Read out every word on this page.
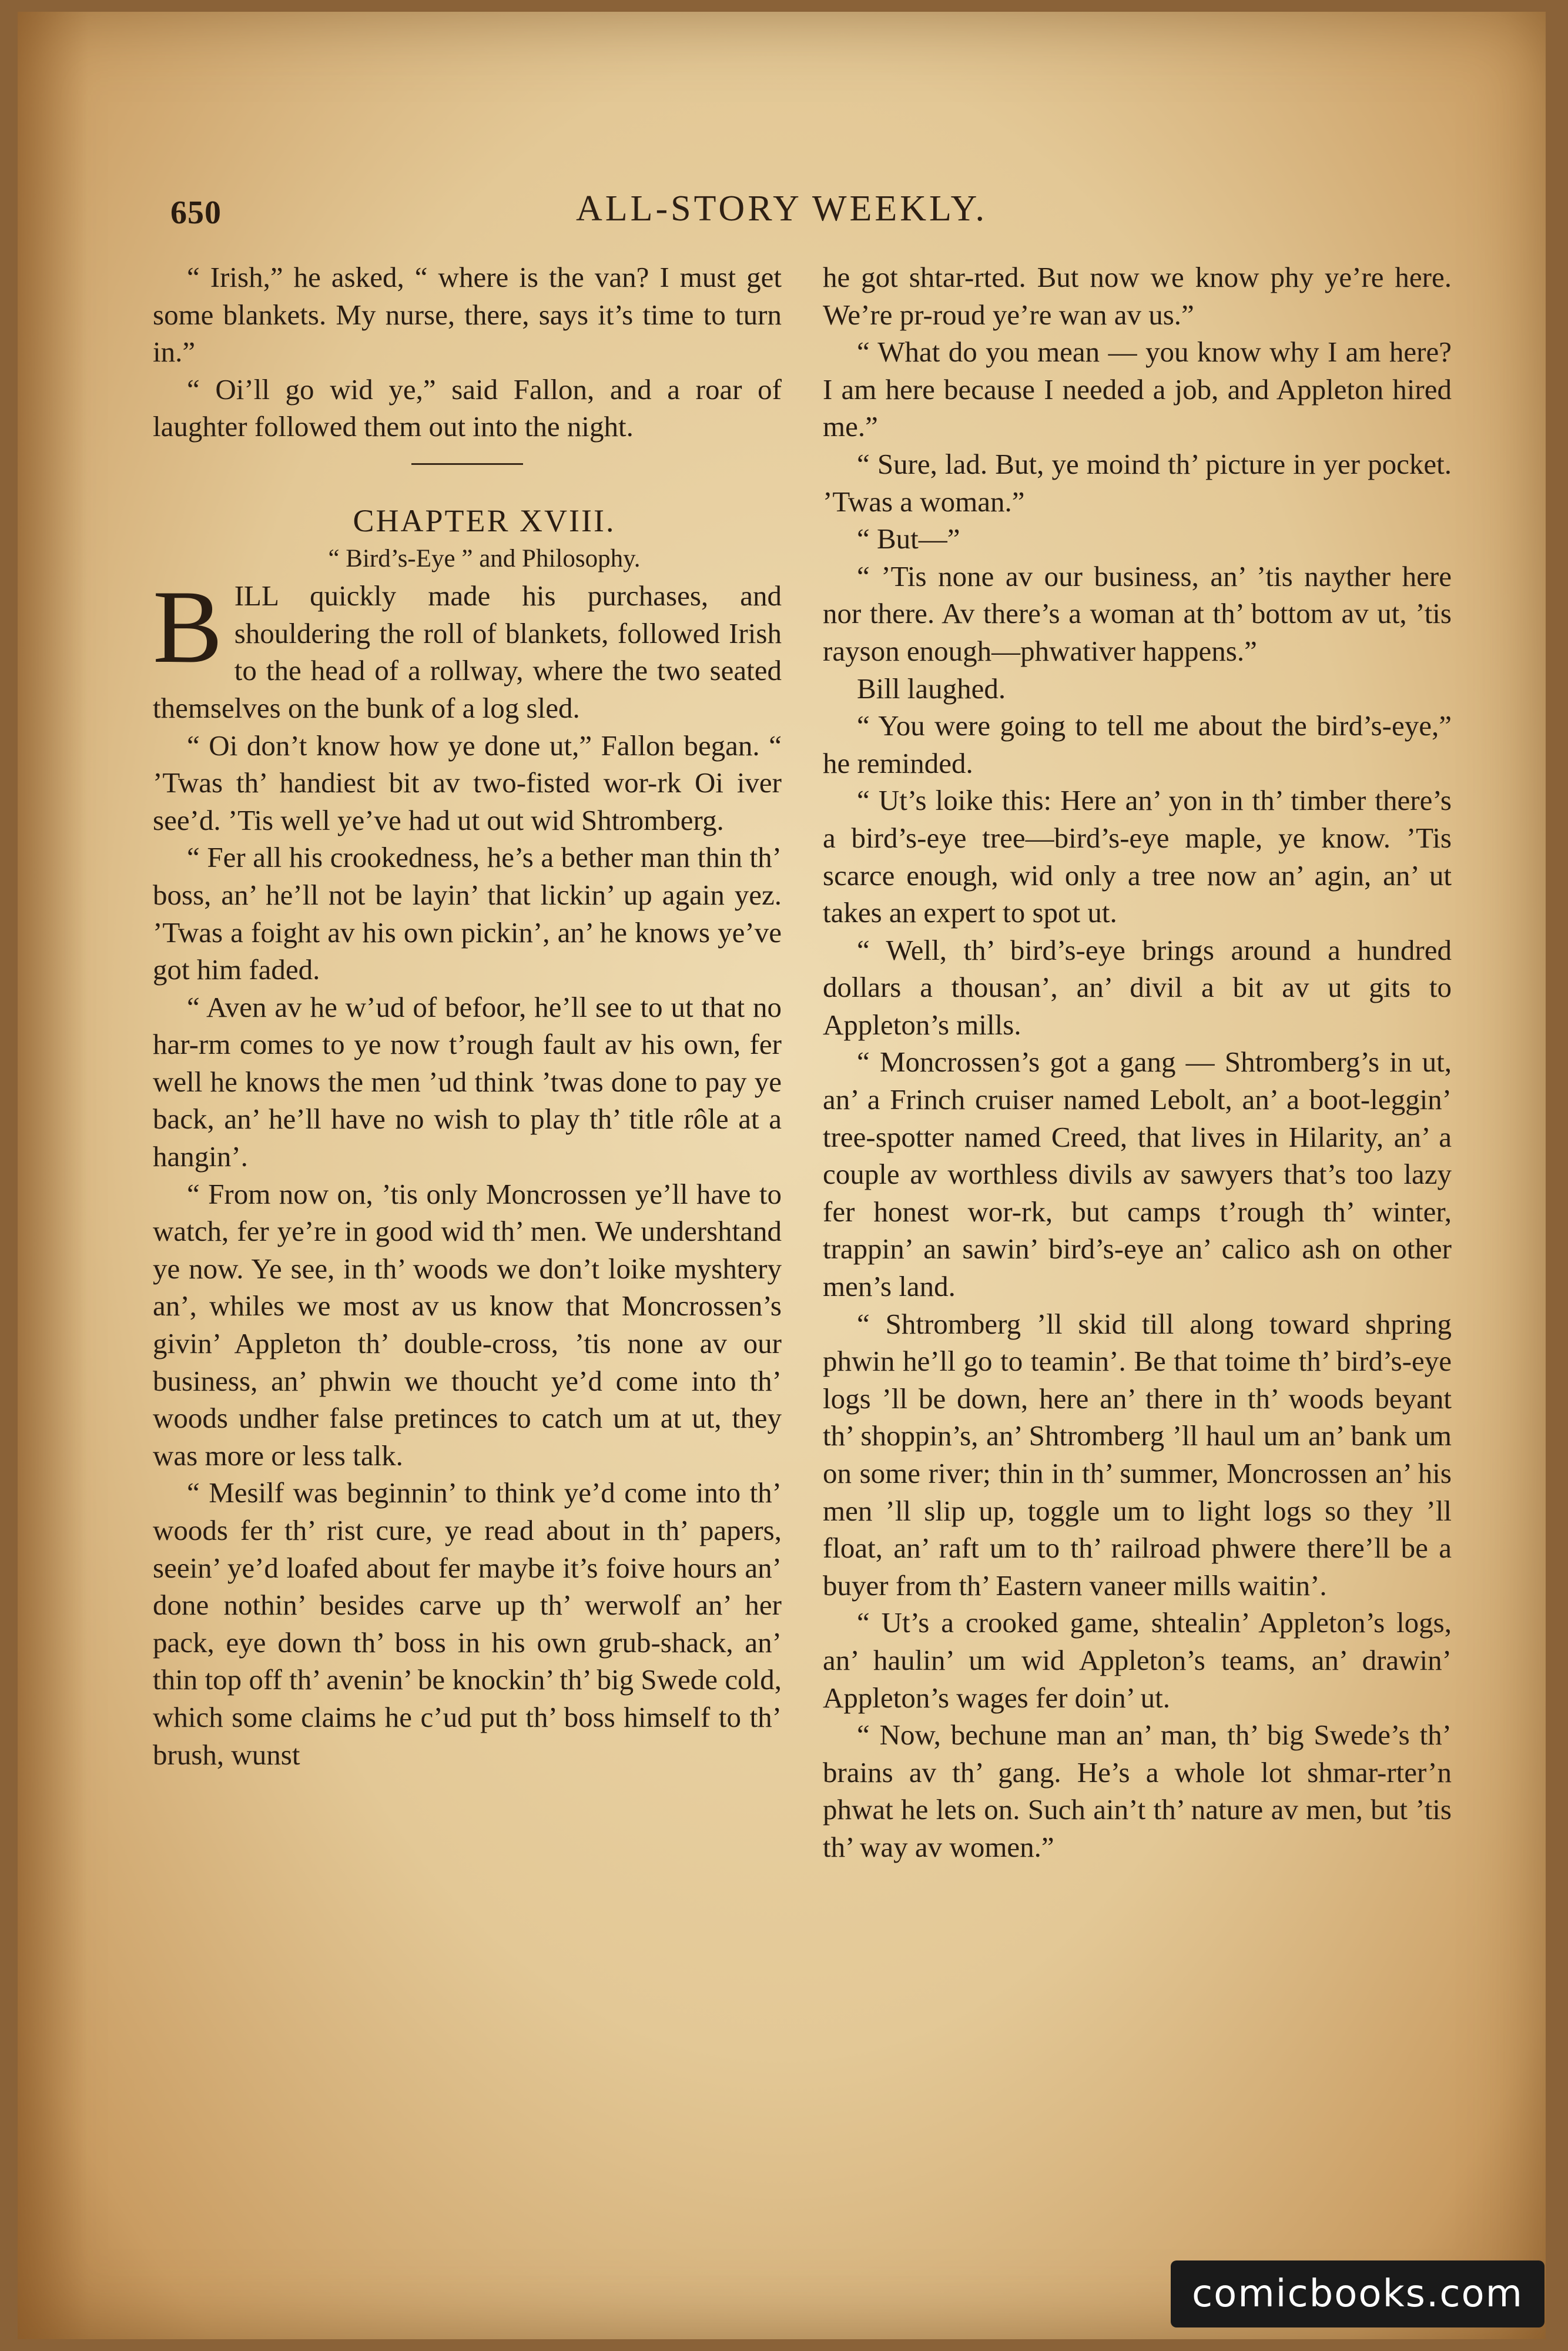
650	ALL-STORY WEEKLY.

“ Irish,” he asked, “ where is the van? I must get some blankets. My nurse, there, says it’s time to turn in.”

“ Oi’ll go wid ye,” said Fallon, and a roar of laughter followed them out into the night.

CHAPTER XVIII.

“ Bird’s-Eye ” and Philosophy.

BILL quickly made his purchases, and shouldering the roll of blankets, followed Irish to the head of a rollway, where the two seated themselves on the bunk of a log sled.

“ Oi don’t know how ye done ut,” Fallon began. “ ’Twas th’ handiest bit av two-fisted wor-rk Oi iver see’d. ’Tis well ye’ve had ut out wid Shtromberg.

“ Fer all his crookedness, he’s a bether man thin th’ boss, an’ he’ll not be layin’ that lickin’ up again yez. ’Twas a foight av his own pickin’, an’ he knows ye’ve got him faded.

“ Aven av he w’ud of befoor, he’ll see to ut that no har-rm comes to ye now t’rough fault av his own, fer well he knows the men ’ud think ’twas done to pay ye back, an’ he’ll have no wish to play th’ title rôle at a hangin’.

“ From now on, ’tis only Moncrossen ye’ll have to watch, fer ye’re in good wid th’ men. We undershtand ye now. Ye see, in th’ woods we don’t loike myshtery an’, whiles we most av us know that Moncrossen’s givin’ Appleton th’ double-cross, ’tis none av our business, an’ phwin we thoucht ye’d come into th’ woods undher false pretinces to catch um at ut, they was more or less talk.

“ Mesilf was beginnin’ to think ye’d come into th’ woods fer th’ rist cure, ye read about in th’ papers, seein’ ye’d loafed about fer maybe it’s foive hours an’ done nothin’ besides carve up th’ werwolf an’ her pack, eye down th’ boss in his own grub-shack, an’ thin top off th’ avenin’ be knockin’ th’ big Swede cold, which some claims he c’ud put th’ boss himself to th’ brush, wunst

he got shtar-rted. But now we know phy ye’re here. We’re pr-roud ye’re wan av us.”

“ What do you mean — you know why I am here? I am here because I needed a job, and Appleton hired me.”

“ Sure, lad. But, ye moind th’ picture in yer pocket. ’Twas a woman.”

“ But—”

“ ’Tis none av our business, an’ ’tis nayther here nor there. Av there’s a woman at th’ bottom av ut, ’tis rayson enough—phwativer happens.”

Bill laughed.

“ You were going to tell me about the bird’s-eye,” he reminded.

“ Ut’s loike this: Here an’ yon in th’ timber there’s a bird’s-eye tree—bird’s-eye maple, ye know. ’Tis scarce enough, wid only a tree now an’ agin, an’ ut takes an expert to spot ut.

“ Well, th’ bird’s-eye brings around a hundred dollars a thousan’, an’ divil a bit av ut gits to Appleton’s mills.

“ Moncrossen’s got a gang — Shtromberg’s in ut, an’ a Frinch cruiser named Lebolt, an’ a boot-leggin’ tree-spotter named Creed, that lives in Hilarity, an’ a couple av worthless divils av sawyers that’s too lazy fer honest wor-rk, but camps t’rough th’ winter, trappin’ an sawin’ bird’s-eye an’ calico ash on other men’s land.

“ Shtromberg ’ll skid till along toward shpring phwin he’ll go to teamin’. Be that toime th’ bird’s-eye logs ’ll be down, here an’ there in th’ woods beyant th’ shoppin’s, an’ Shtromberg ’ll haul um an’ bank um on some river; thin in th’ summer, Moncrossen an’ his men ’ll slip up, toggle um to light logs so they ’ll float, an’ raft um to th’ railroad phwere there’ll be a buyer from th’ Eastern vaneer mills waitin’.

“ Ut’s a crooked game, shtealin’ Appleton’s logs, an’ haulin’ um wid Appleton’s teams, an’ drawin’ Appleton’s wages fer doin’ ut.

“ Now, bechune man an’ man, th’ big Swede’s th’ brains av th’ gang. He’s a whole lot shmar-rter’n phwat he lets on. Such ain’t th’ nature av men, but ’tis th’ way av women.”

comicbooks.com
